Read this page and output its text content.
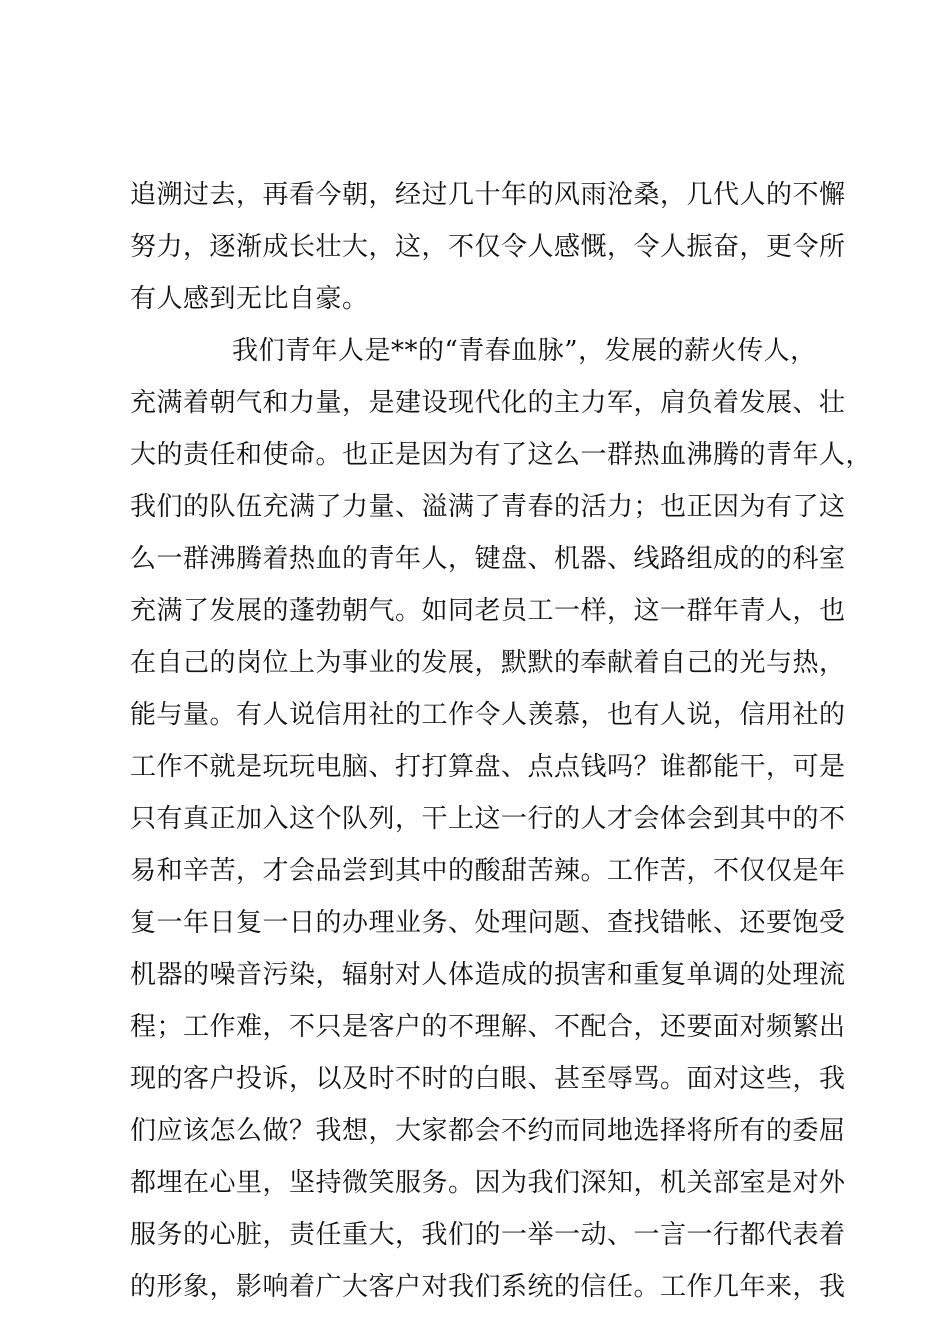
追溯过去，再看今朝，经过几十年的风雨沧桑，几代人的不懈
努力，逐渐成长壮大，这，不仅令人感慨，令人振奋，更令所
有人感到无比自豪。
我们青年人是**的“青春血脉”，发展的薪火传人，
充满着朝气和力量，是建设现代化的主力军，肩负着发展、壮
大的责任和使命。也正是因为有了这么一群热血沸腾的青年人，
我们的队伍充满了力量、溢满了青春的活力；也正因为有了这
么一群沸腾着热血的青年人，键盘、机器、线路组成的的科室
充满了发展的蓬勃朝气。如同老员工一样，这一群年青人，也
在自己的岗位上为事业的发展，默默的奉献着自己的光与热，
能与量。有人说信用社的工作令人羡慕，也有人说，信用社的
工作不就是玩玩电脑、打打算盘、点点钱吗？谁都能干，可是
只有真正加入这个队列，干上这一行的人才会体会到其中的不
易和辛苦，才会品尝到其中的酸甜苦辣。工作苦，不仅仅是年
复一年日复一日的办理业务、处理问题、查找错帐、还要饱受
机器的噪音污染，辐射对人体造成的损害和重复单调的处理流
程；工作难，不只是客户的不理解、不配合，还要面对频繁出
现的客户投诉，以及时不时的白眼、甚至辱骂。面对这些，我
们应该怎么做？我想，大家都会不约而同地选择将所有的委屈
都埋在心里，坚持微笑服务。因为我们深知，机关部室是对外
服务的心脏，责任重大，我们的一举一动、一言一行都代表着
的形象，影响着广大客户对我们系统的信任。工作几年来，我
